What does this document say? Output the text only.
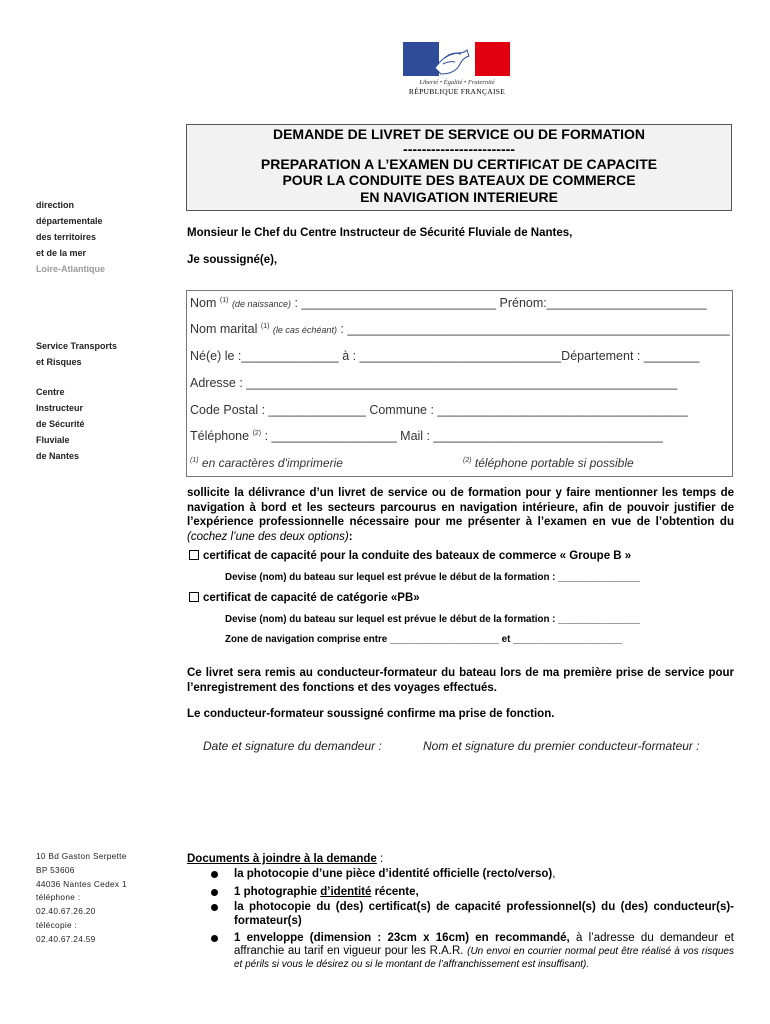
Liberté • Égalité • Fraternité
RÉPUBLIQUE FRANÇAISE
DEMANDE DE LIVRET DE SERVICE OU DE FORMATION
------------------------
PREPARATION A L’EXAMEN DU CERTIFICAT DE CAPACITE
POUR LA CONDUITE DES BATEAUX DE COMMERCE
EN NAVIGATION INTERIEURE
direction
départementale
des territoires
et de la mer
Loire-Atlantique
Service Transports
et Risques
Centre
Instructeur
de Sécurité
Fluviale
de Nantes
10 Bd Gaston Serpette
BP 53606
44036 Nantes Cedex 1
téléphone :
02.40.67.26.20
télécopie :
02.40.67.24.59
Monsieur le Chef du Centre Instructeur de Sécurité Fluviale de Nantes,
Je soussigné(e),
Nom $^{(1)}$ (de naissance) : ____________________________ Prénom:_______________________
Nom marital $^{(1)}$ (le cas échéant) : _______________________________________________________
Né(e) le :______________ à : _____________________________Département : ________
Adresse : ______________________________________________________________
Code Postal : ______________ Commune : ____________________________________
Téléphone $^{(2)}$ : __________________ Mail : _________________________________
$^{(1)}$ en caractères d'imprimerie	$^{(2)}$ téléphone portable si possible
sollicite la délivrance d’un livret de service ou de formation pour y faire mentionner les temps de navigation à bord et les secteurs parcourus en navigation intérieure, afin de pouvoir justifier de l’expérience professionnelle nécessaire pour me présenter à l’examen en vue de l’obtention du (cochez l’une des deux options):
certificat de capacité pour la conduite des bateaux de commerce « Groupe B »
Devise (nom) du bateau sur lequel est prévue le début de la formation : _______________
certificat de capacité de catégorie «PB»
Devise (nom) du bateau sur lequel est prévue le début de la formation : _______________
Zone de navigation comprise entre ____________________ et ____________________
Ce livret sera remis au conducteur-formateur du bateau lors de ma première prise de service pour l’enregistrement des fonctions et des voyages effectués.
Le conducteur-formateur soussigné confirme ma prise de fonction.
Date et signature du demandeur :	Nom et signature du premier conducteur-formateur :
Documents à joindre à la demande :
la photocopie d’une pièce d’identité officielle (recto/verso),
1 photographie d’identité récente,
la photocopie du (des) certificat(s) de capacité professionnel(s) du (des) conducteur(s)-formateur(s)
1 enveloppe (dimension : 23cm x 16cm) en recommandé, à l’adresse du demandeur et affranchie au tarif en vigueur pour les R.A.R. (Un envoi en courrier normal peut être réalisé à vos risques et périls si vous le désirez ou si le montant de l’affranchissement est insuffisant).
